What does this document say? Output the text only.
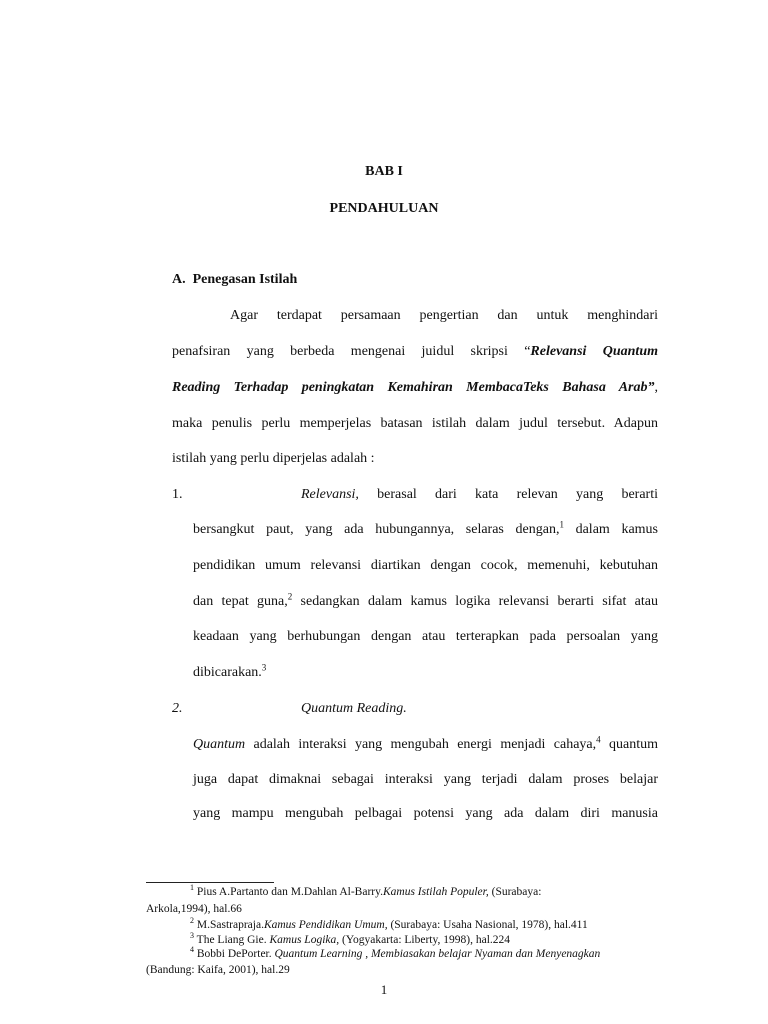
BAB I
PENDAHULUAN
A. Penegasan Istilah
Agar terdapat persamaan pengertian dan untuk menghindari
penafsiran yang berbeda mengenai juidul skripsi “Relevansi Quantum
Reading Terhadap peningkatan Kemahiran MembacaTeks Bahasa Arab”,
maka penulis perlu memperjelas batasan istilah dalam judul tersebut. Adapun
istilah yang perlu diperjelas adalah :
1.	Relevansi, berasal dari kata relevan yang berarti
bersangkut paut, yang ada hubungannya, selaras dengan,$^1$ dalam kamus
pendidikan umum relevansi diartikan dengan cocok, memenuhi, kebutuhan
dan tepat guna,$^2$ sedangkan dalam kamus logika relevansi berarti sifat atau
keadaan yang berhubungan dengan atau terterapkan pada persoalan yang
dibicarakan.$^3$
2.	Quantum Reading.
Quantum adalah interaksi yang mengubah energi menjadi cahaya,$^4$ quantum
juga dapat dimaknai sebagai interaksi yang terjadi dalam proses belajar
yang mampu mengubah pelbagai potensi yang ada dalam diri manusia
$^1$ Pius A.Partanto dan M.Dahlan Al-Barry.Kamus Istilah Populer, (Surabaya:
Arkola,1994), hal.66
$^2$ M.Sastrapraja.Kamus Pendidikan Umum, (Surabaya: Usaha Nasional, 1978), hal.411
$^3$ The Liang Gie. Kamus Logika, (Yogyakarta: Liberty, 1998), hal.224
$^4$ Bobbi DePorter. Quantum Learning , Membiasakan belajar Nyaman dan Menyenagkan
(Bandung: Kaifa, 2001), hal.29
1
